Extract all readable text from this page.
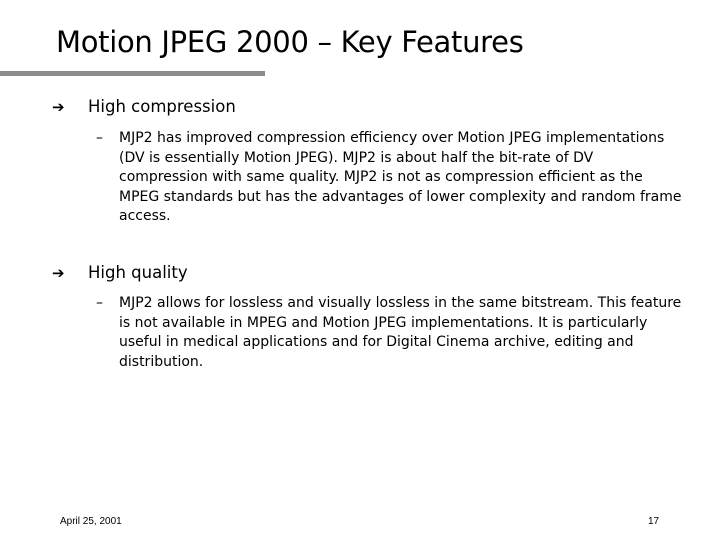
Motion JPEG 2000 – Key Features
➔ High compression
– MJP2 has improved compression efficiency over Motion JPEG implementations (DV is essentially Motion JPEG). MJP2 is about half the bit-rate of DV compression with same quality. MJP2 is not as compression efficient as the MPEG standards but has the advantages of lower complexity and random frame access.
➔ High quality
– MJP2 allows for lossless and visually lossless in the same bitstream. This feature is not available in MPEG and Motion JPEG implementations. It is particularly useful in medical applications and for Digital Cinema archive, editing and distribution.
April 25, 2001	17
